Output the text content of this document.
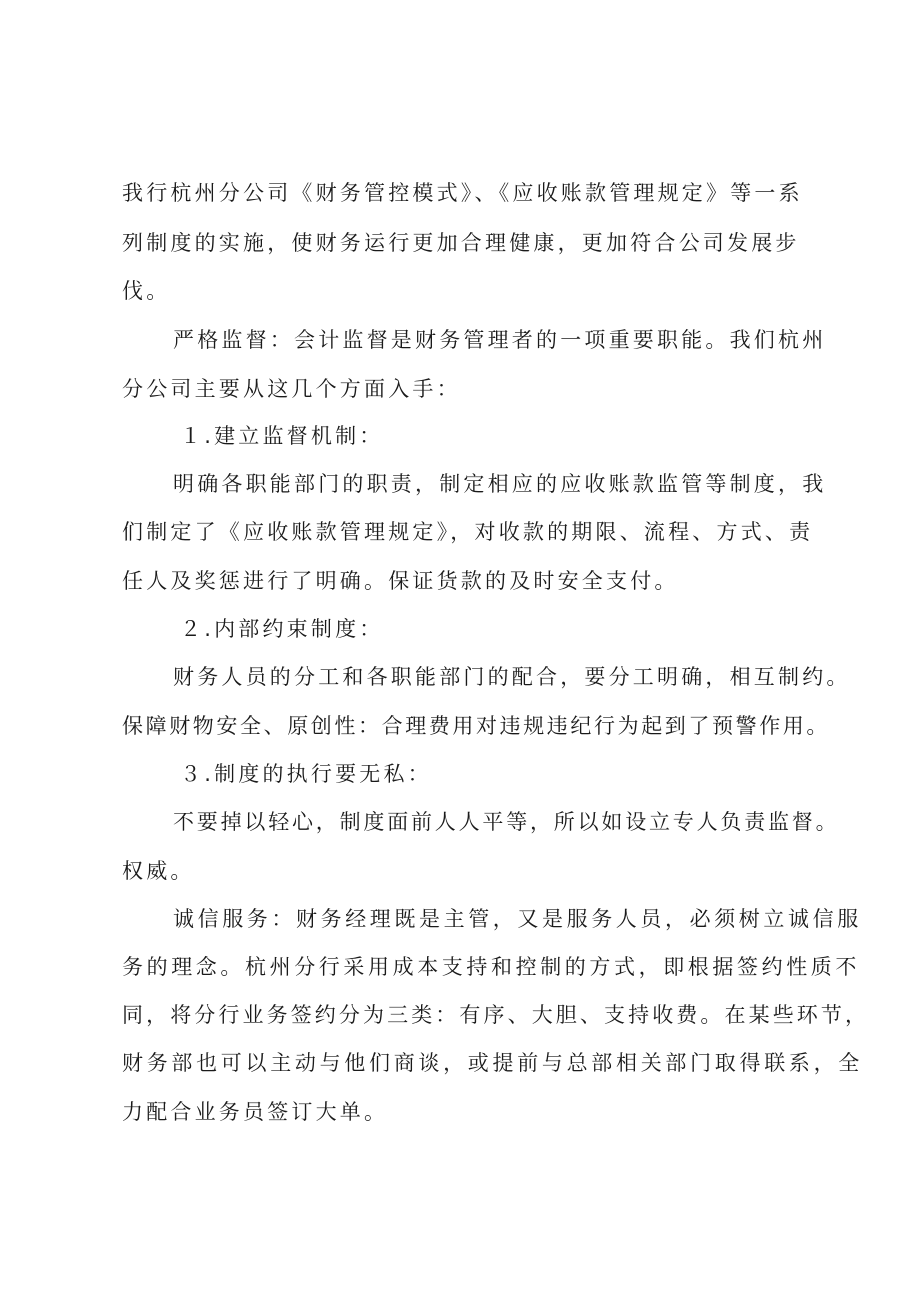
我行杭州分公司《财务管控模式》、《应收账款管理规定》等一系
列制度的实施，使财务运行更加合理健康，更加符合公司发展步
伐。
严格监督：会计监督是财务管理者的一项重要职能。我们杭州
分公司主要从这几个方面入手：
１.建立监督机制：
明确各职能部门的职责，制定相应的应收账款监管等制度，我
们制定了《应收账款管理规定》，对收款的期限、流程、方式、责
任人及奖惩进行了明确。保证货款的及时安全支付。
２.内部约束制度：
财务人员的分工和各职能部门的配合，要分工明确，相互制约。
保障财物安全、原创性：合理费用对违规违纪行为起到了预警作用。
３.制度的执行要无私：
不要掉以轻心，制度面前人人平等，所以如设立专人负责监督。
权威。
诚信服务：财务经理既是主管，又是服务人员，必须树立诚信服
务的理念。杭州分行采用成本支持和控制的方式，即根据签约性质不
同，将分行业务签约分为三类：有序、大胆、支持收费。在某些环节，
财务部也可以主动与他们商谈，或提前与总部相关部门取得联系，全
力配合业务员签订大单。
